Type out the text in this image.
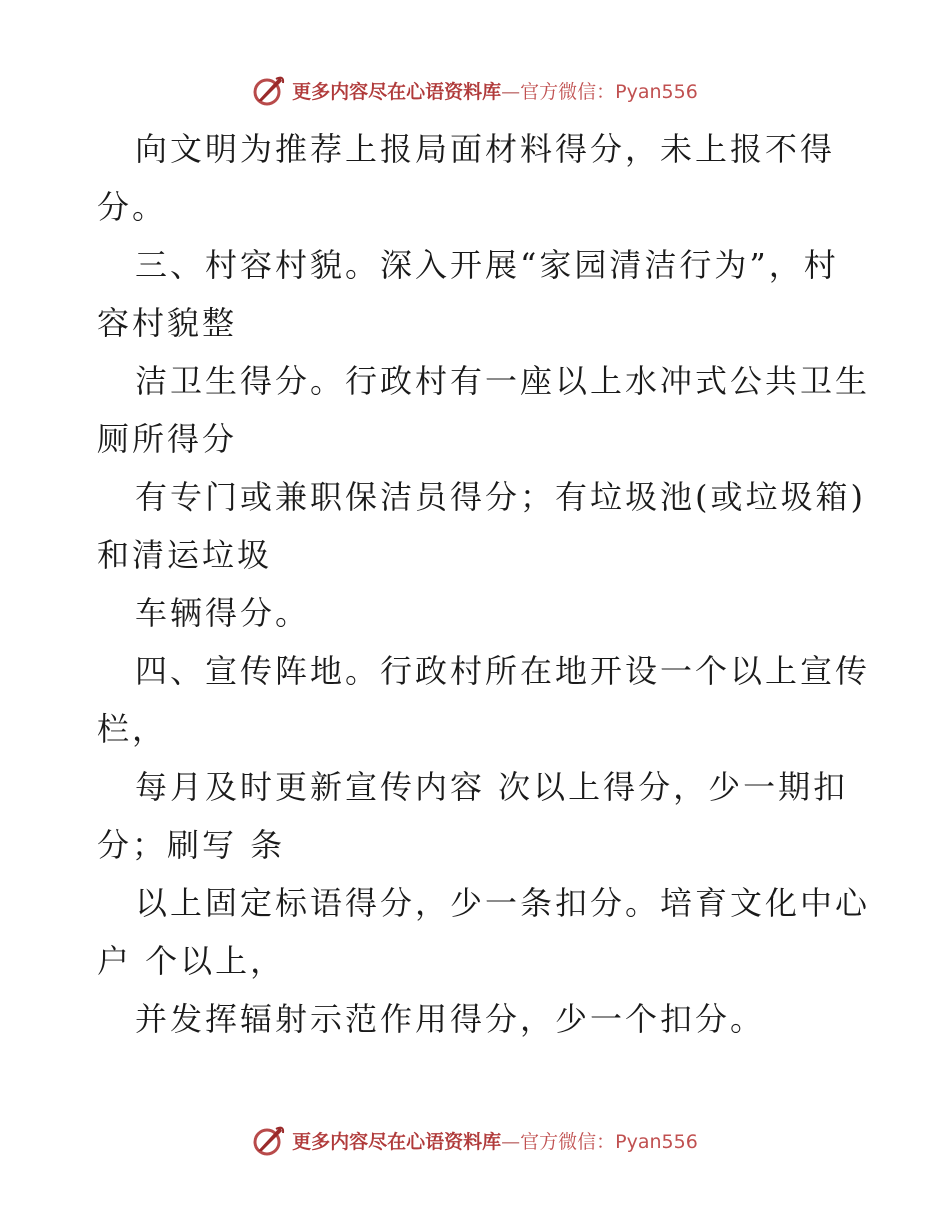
更多内容尽在心语资料库—官方微信：Pyan556
向文明为推荐上报局面材料得分，未上报不得
分。
三、村容村貌。深入开展“家园清洁行为”，村
容村貌整
洁卫生得分。行政村有一座以上水冲式公共卫生
厕所得分
有专门或兼职保洁员得分；有垃圾池(或垃圾箱)
和清运垃圾
车辆得分。
四、宣传阵地。行政村所在地开设一个以上宣传
栏，
每月及时更新宣传内容 次以上得分，少一期扣
分；刷写 条
以上固定标语得分，少一条扣分。培育文化中心
户 个以上，
并发挥辐射示范作用得分，少一个扣分。
更多内容尽在心语资料库—官方微信：Pyan556
